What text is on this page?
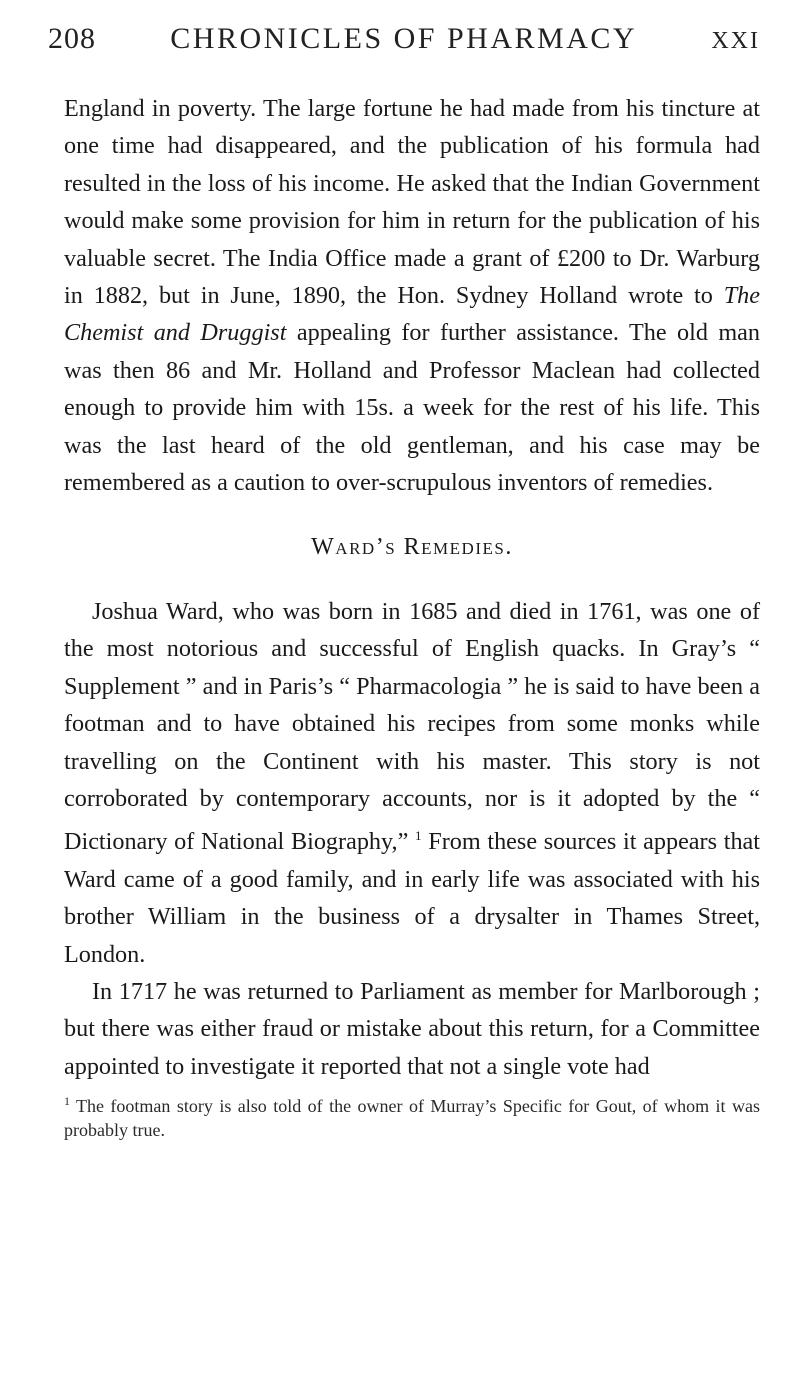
208	CHRONICLES OF PHARMACY	XXI

England in poverty. The large fortune he had made from his tincture at one time had disappeared, and the publication of his formula had resulted in the loss of his income. He asked that the Indian Government would make some provision for him in return for the publication of his valuable secret. The India Office made a grant of £200 to Dr. Warburg in 1882, but in June, 1890, the Hon. Sydney Holland wrote to The Chemist and Druggist appealing for further assistance. The old man was then 86 and Mr. Holland and Professor Maclean had collected enough to provide him with 15s. a week for the rest of his life. This was the last heard of the old gentleman, and his case may be remembered as a caution to over-scrupulous inventors of remedies.

Ward’s Remedies.

Joshua Ward, who was born in 1685 and died in 1761, was one of the most notorious and successful of English quacks. In Gray’s “ Supplement ” and in Paris’s “ Pharmacologia ” he is said to have been a footman and to have obtained his recipes from some monks while travelling on the Continent with his master. This story is not corroborated by contemporary accounts, nor is it adopted by the “ Dictionary of National Biography,” $^1$ From these sources it appears that Ward came of a good family, and in early life was associated with his brother William in the business of a drysalter in Thames Street, London.

In 1717 he was returned to Parliament as member for Marlborough ; but there was either fraud or mistake about this return, for a Committee appointed to investigate it reported that not a single vote had

$^1$ The footman story is also told of the owner of Murray’s Specific for Gout, of whom it was probably true.
